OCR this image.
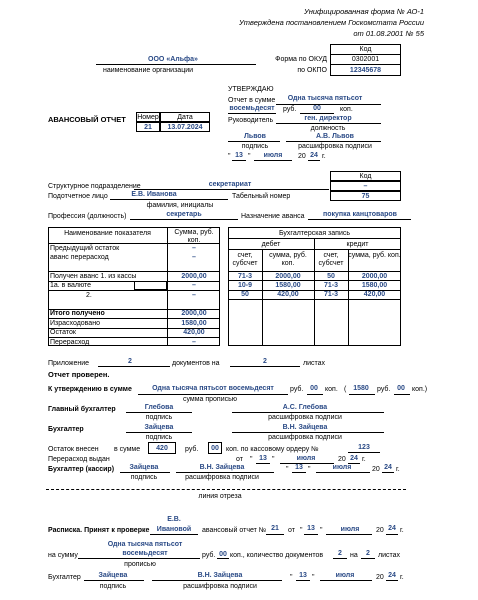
Унифицированная форма № АО-1
Утверждена постановлением Госкомстата России
от 01.08.2001 № 55
Код
Форма по ОКУД	0302001
по ОКПО	12345678
ООО «Альфа»
наименование организации
УТВЕРЖДАЮ
Отчет в сумме	Одна тысяча пятьсот
восемьдесят руб.	00	коп.
Руководитель	ген. директор
должность
Львов	А.В. Львов
подпись	расшифровка подписи
" 13 "	июля	20 24 г.
АВАНСОВЫЙ ОТЧЕТ Номер	Дата
21	13.07.2024
Код
Структурное подразделение	секретариат	–
Подотчетное лицо	Е.В. Иванова	Табельный номер	75
фамилия, инициалы
Профессия (должность)	секретарь	Назначение аванса	покупка канцтоваров
Наименование показателя	Сумма, руб. коп.
Предыдущий остаток	–
аванс перерасход	–
Получен аванс 1. из кассы	2000,00
1а. в валюте	–
2.	–
Итого получено	2000,00
Израсходовано	1580,00
Остаток	420,00
Перерасход	–
Бухгалтерская запись
дебет	кредит
счет, субсчет
сумма, руб. коп.
счет, субсчет
сумма, руб. коп.
71-3	2000,00	50	2000,00
10-9	1580,00	71-3	1580,00
50	420,00	71-3	420,00
Приложение	2	документов на	2	листах
Отчет проверен.
К утверждению в сумме	Одна тысяча пятьсот восемьдесят	руб. 00	коп. ( 1580	руб. 00	коп.)
сумма прописью
Главный бухгалтер	Глебова	А.С. Глебова
подпись	расшифровка подписи
Бухгалтер	Зайцева	В.Н. Зайцева
подпись	расшифровка подписи
Остаток внесен в сумме	420	руб.	00	коп. по кассовому ордеру №	123
Перерасход выдан	от " 13 "	июля	20 24 г.
Бухгалтер (кассир)	Зайцева	В.Н. Зайцева	" 13 "	июля	20 24 г.
подпись	расшифровка подписи
линия отреза
Е.В.
Расписка. Принят к проверке	Ивановой	авансовый отчет № 21	от " 13 "	июля	20 24 г.
Одна тысяча пятьсот
на сумму	восемьдесят	руб. 00 коп., количество документов	2	на	2	листах
прописью
Бухгалтер	Зайцева	В.Н. Зайцева	" 13 "	июля	20 24 г.
подпись	расшифровка подписи
